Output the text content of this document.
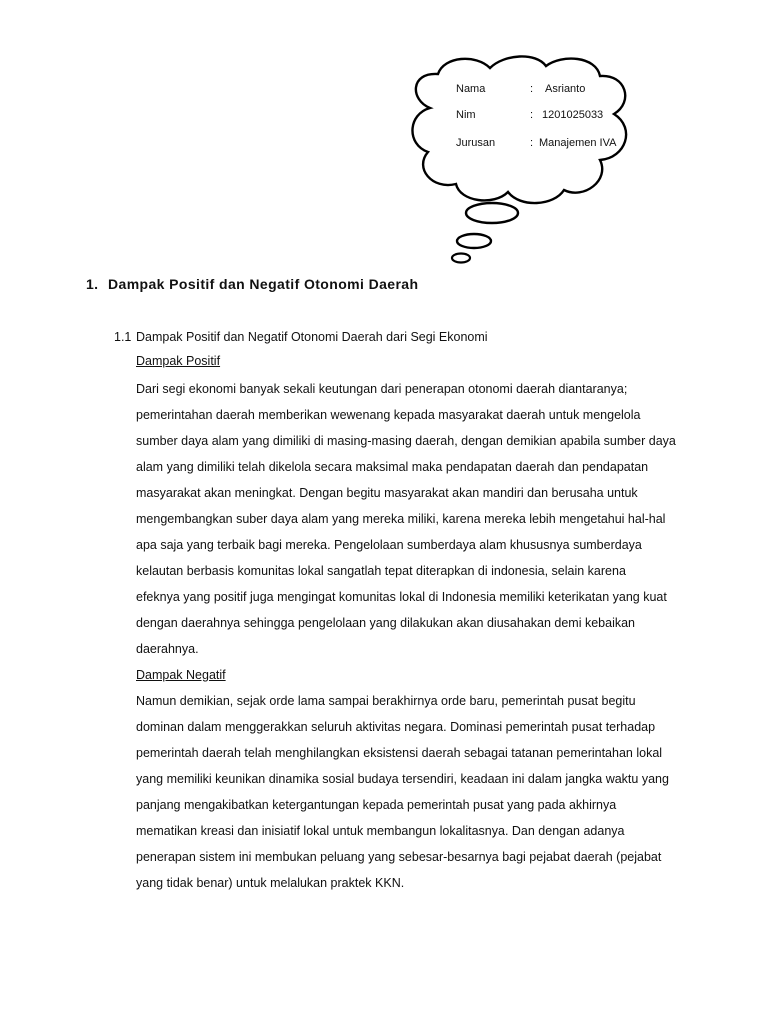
Nama	: Asrianto
Nim	: 1201025033
Jurusan	: Manajemen IVA
1. Dampak Positif dan Negatif Otonomi Daerah
1.1 Dampak Positif dan Negatif Otonomi Daerah dari Segi Ekonomi
Dampak Positif

Dari segi ekonomi banyak sekali keutungan dari penerapan otonomi daerah diantaranya;
pemerintahan daerah memberikan wewenang kepada masyarakat daerah untuk mengelola
sumber daya alam yang dimiliki di masing-masing daerah, dengan demikian apabila sumber daya
alam yang dimiliki telah dikelola secara maksimal maka pendapatan daerah dan pendapatan
masyarakat akan meningkat. Dengan begitu masyarakat akan mandiri dan berusaha untuk
mengembangkan suber daya alam yang mereka miliki, karena mereka lebih mengetahui hal-hal
apa saja yang terbaik bagi mereka. Pengelolaan sumberdaya alam khususnya sumberdaya
kelautan berbasis komunitas lokal sangatlah tepat diterapkan di indonesia, selain karena
efeknya yang positif juga mengingat komunitas lokal di Indonesia memiliki keterikatan yang kuat
dengan daerahnya sehingga pengelolaan yang dilakukan akan diusahakan demi kebaikan
daerahnya.

Dampak Negatif

Namun demikian, sejak orde lama sampai berakhirnya orde baru, pemerintah pusat begitu
dominan dalam menggerakkan seluruh aktivitas negara. Dominasi pemerintah pusat terhadap
pemerintah daerah telah menghilangkan eksistensi daerah sebagai tatanan pemerintahan lokal
yang memiliki keunikan dinamika sosial budaya tersendiri, keadaan ini dalam jangka waktu yang
panjang mengakibatkan ketergantungan kepada pemerintah pusat yang pada akhirnya
mematikan kreasi dan inisiatif lokal untuk membangun lokalitasnya. Dan dengan adanya
penerapan sistem ini membukan peluang yang sebesar-besarnya bagi pejabat daerah (pejabat
yang tidak benar) untuk melalukan praktek KKN.
